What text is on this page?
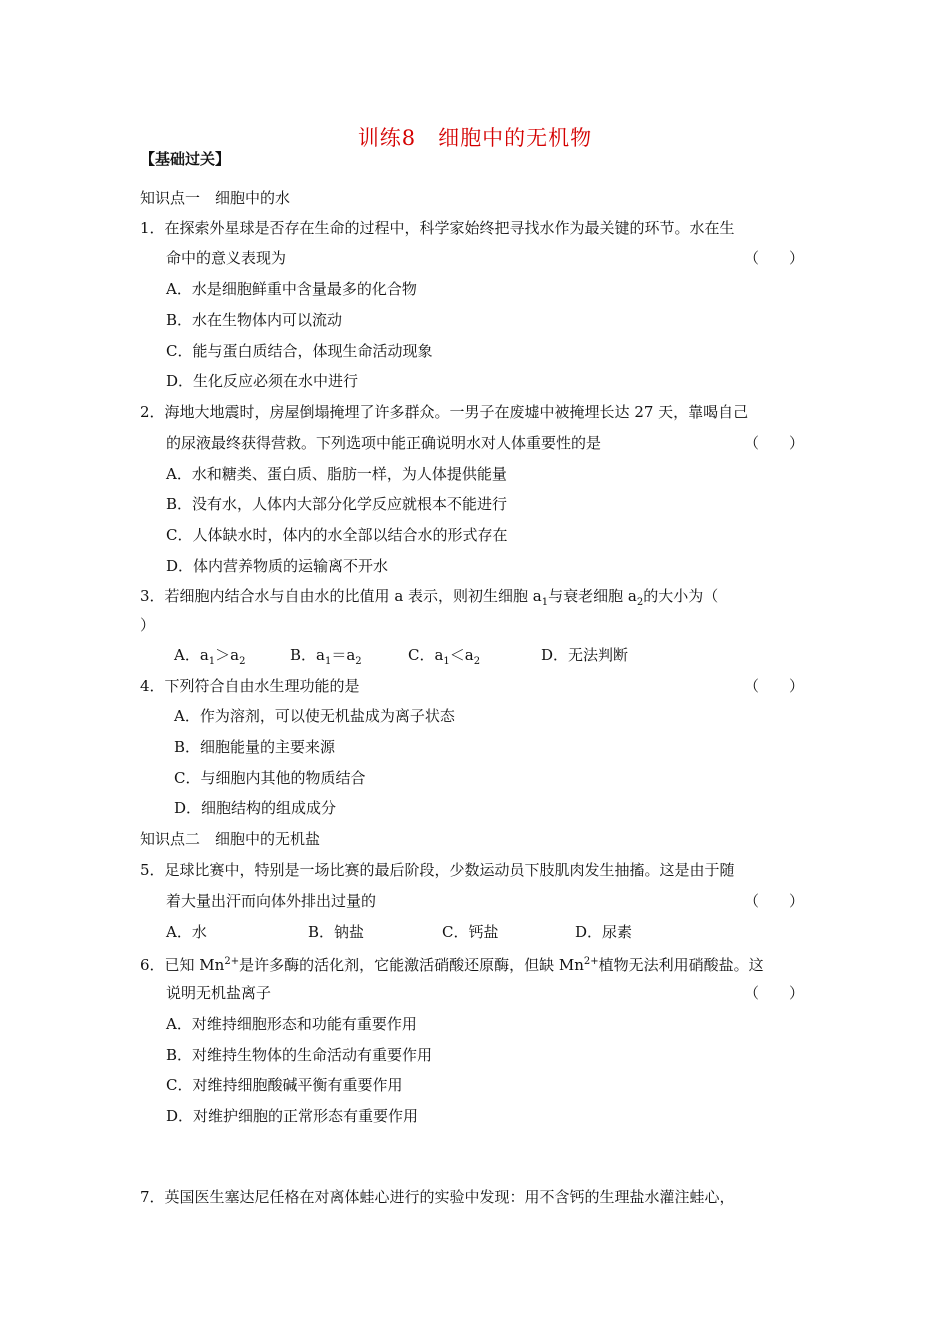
训练8　细胞中的无机物
【基础过关】
知识点一　细胞中的水
1．在探索外星球是否存在生命的过程中，科学家始终把寻找水作为最关键的环节。水在生
命中的意义表现为	（　　）
A．水是细胞鲜重中含量最多的化合物
B．水在生物体内可以流动
C．能与蛋白质结合，体现生命活动现象
D．生化反应必须在水中进行
2．海地大地震时，房屋倒塌掩埋了许多群众。一男子在废墟中被掩埋长达 27 天，靠喝自己
的尿液最终获得营救。下列选项中能正确说明水对人体重要性的是	（　　）
A．水和糖类、蛋白质、脂肪一样，为人体提供能量
B．没有水，人体内大部分化学反应就根本不能进行
C．人体缺水时，体内的水全部以结合水的形式存在
D．体内营养物质的运输离不开水
3．若细胞内结合水与自由水的比值用 a 表示，则初生细胞 $a_1$与衰老细胞 $a_2$的大小为（
）
A．$a_1>a_2$	B．$a_1=a_2$	C．$a_1<a_2$	D．无法判断
4．下列符合自由水生理功能的是	（　　）
A．作为溶剂，可以使无机盐成为离子状态
B．细胞能量的主要来源
C．与细胞内其他的物质结合
D．细胞结构的组成成分
知识点二　细胞中的无机盐
5．足球比赛中，特别是一场比赛的最后阶段，少数运动员下肢肌肉发生抽搐。这是由于随
着大量出汗而向体外排出过量的	（　　）
A．水	B．钠盐	C．钙盐	D．尿素
6．已知 $Mn^{2+}$是许多酶的活化剂，它能激活硝酸还原酶，但缺 $Mn^{2+}$植物无法利用硝酸盐。这
说明无机盐离子	（　　）
A．对维持细胞形态和功能有重要作用
B．对维持生物体的生命活动有重要作用
C．对维持细胞酸碱平衡有重要作用
D．对维护细胞的正常形态有重要作用
7．英国医生塞达尼任格在对离体蛙心进行的实验中发现：用不含钙的生理盐水灌注蛙心，
